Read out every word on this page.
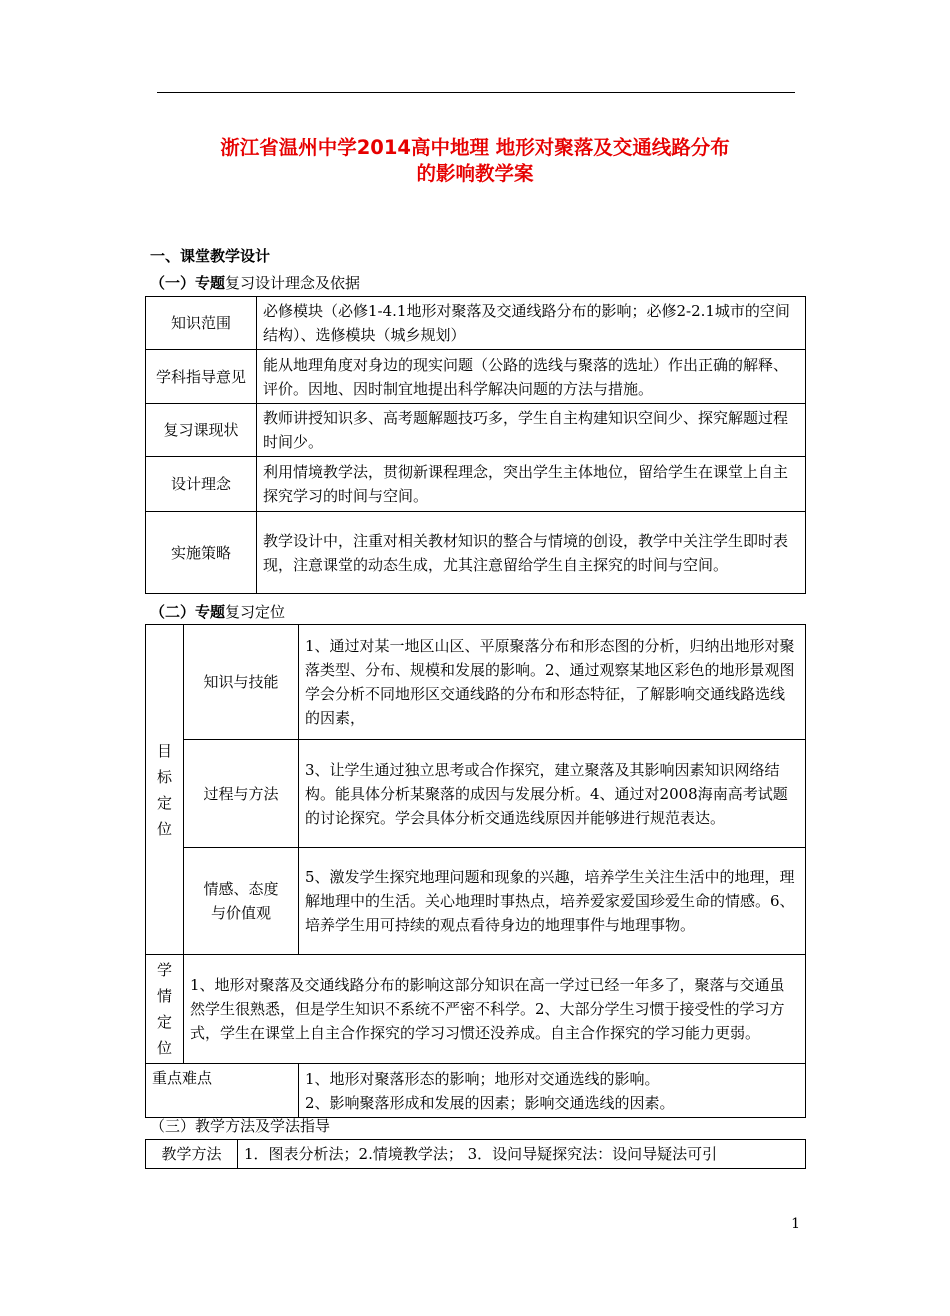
浙江省温州中学2014高中地理 地形对聚落及交通线路分布
的影响教学案
一、课堂教学设计
（一）专题复习设计理念及依据
知识范围	必修模块（必修1-4.1地形对聚落及交通线路分布的影响；必修2-2.1城市的空间结构）、选修模块（城乡规划）
学科指导意见	能从地理角度对身边的现实问题（公路的选线与聚落的选址）作出正确的解释、评价。因地、因时制宜地提出科学解决问题的方法与措施。
复习课现状	教师讲授知识多、高考题解题技巧多，学生自主构建知识空间少、探究解题过程时间少。
设计理念	利用情境教学法，贯彻新课程理念，突出学生主体地位，留给学生在课堂上自主探究学习的时间与空间。
实施策略	教学设计中，注重对相关教材知识的整合与情境的创设，教学中关注学生即时表现，注意课堂的动态生成，尤其注意留给学生自主探究的时间与空间。
（二）专题复习定位
目标定位	知识与技能	1、通过对某一地区山区、平原聚落分布和形态图的分析，归纳出地形对聚落类型、分布、规模和发展的影响。2、通过观察某地区彩色的地形景观图学会分析不同地形区交通线路的分布和形态特征，了解影响交通线路选线的因素，
	过程与方法	3、让学生通过独立思考或合作探究，建立聚落及其影响因素知识网络结构。能具体分析某聚落的成因与发展分析。4、通过对2008海南高考试题的讨论探究。学会具体分析交通选线原因并能够进行规范表达。

	情感、态度与价值观	5、激发学生探究地理问题和现象的兴趣，培养学生关注生活中的地理，理解地理中的生活。关心地理时事热点，培养爱家爱国珍爱生命的情感。6、培养学生用可持续的观点看待身边的地理事件与地理事物。

学情定位	1、地形对聚落及交通线路分布的影响这部分知识在高一学过已经一年多了，聚落与交通虽然学生很熟悉，但是学生知识不系统不严密不科学。2、大部分学生习惯于接受性的学习方式，学生在课堂上自主合作探究的学习习惯还没养成。自主合作探究的学习能力更弱。	
重点难点		1、地形对聚落形态的影响；地形对交通选线的影响。
2、影响聚落形成和发展的因素；影响交通选线的因素。
（三）教学方法及学法指导
教学方法	1．图表分析法；2.情境教学法； 3．设问导疑探究法：设问导疑法可引
1
